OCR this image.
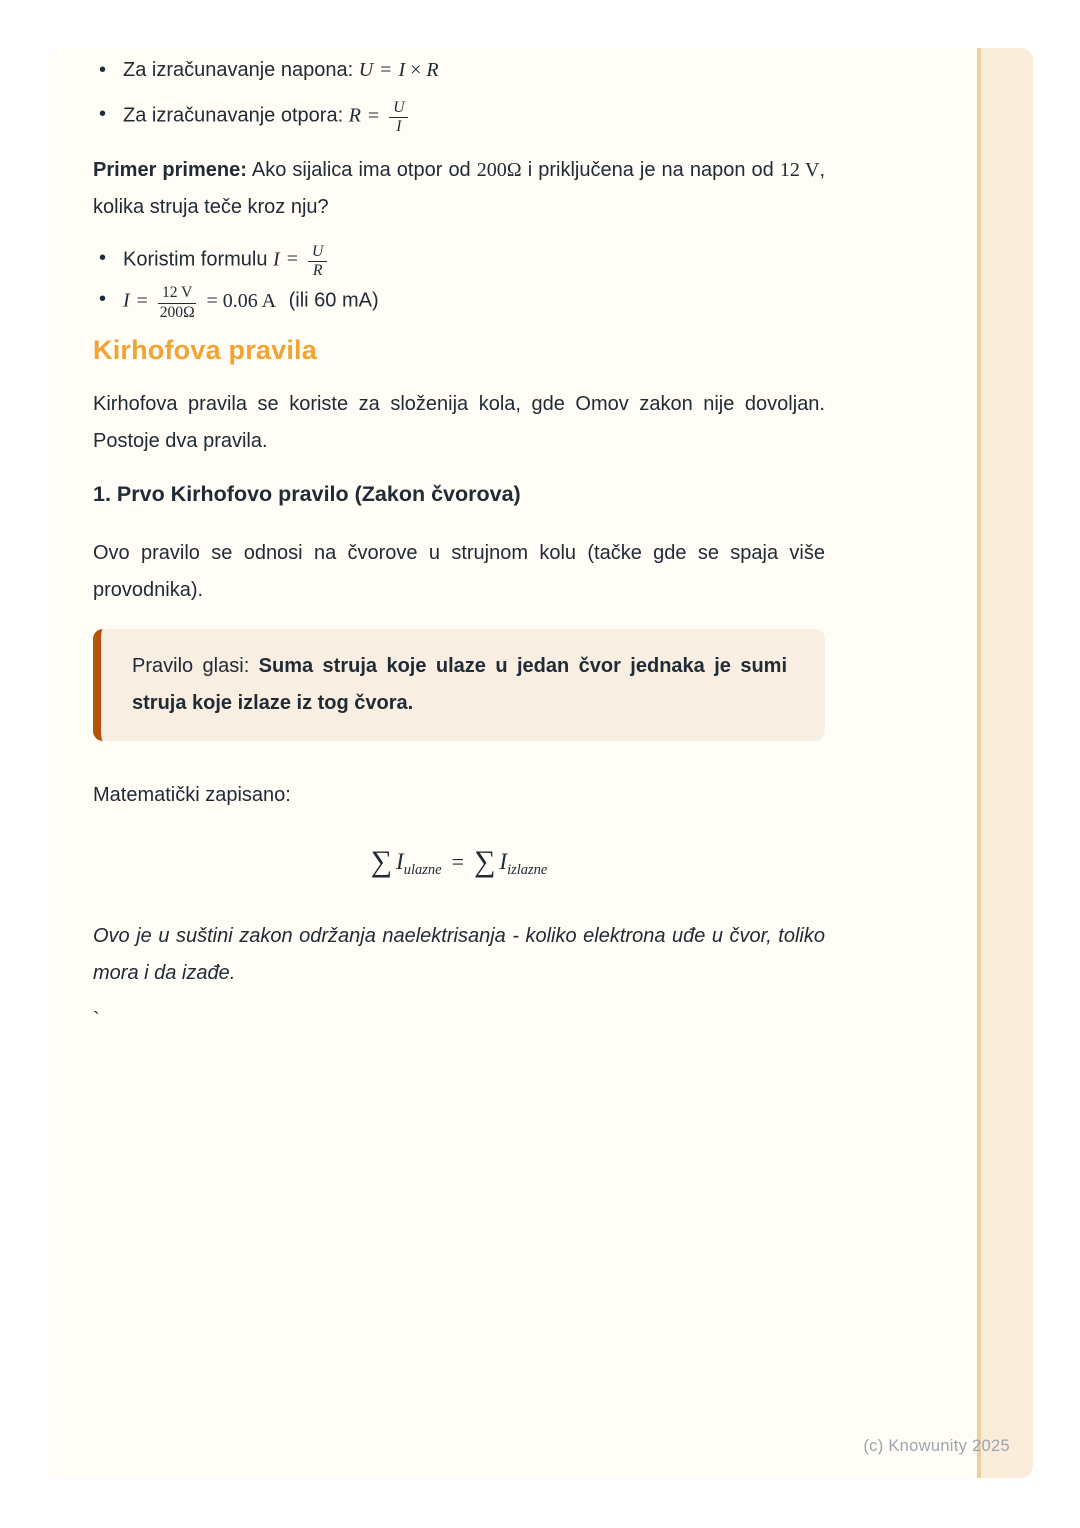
• Za izračunavanje napona: U = I × R
• Za izračunavanje otpora: $R = \frac{U}{I}$

Primer primene: Ako sijalica ima otpor od 200Ω i priključena je na napon od 12 V, kolika struja teče kroz nju?

• Koristim formulu $I = \frac{U}{R}$
• $I = \frac{12 V}{200\Omega} = 0.06$ A (ili 60 mA)
Kirhofova pravila

Kirhofova pravila se koriste za složenija kola, gde Omov zakon nije dovoljan. Postoje dva pravila.

1. Prvo Kirhofovo pravilo (Zakon čvorova)

Ovo pravilo se odnosi na čvorove u strujnom kolu (tačke gde se spaja više provodnika).

Pravilo glasi: Suma struja koje ulaze u jedan čvor jednaka je sumi struja koje izlaze iz tog čvora.

Matematički zapisano:

∑ $I_{ulazne}$ = ∑ $I_{izlazne}$

Ovo je u suštini zakon održanja naelektrisanja - koliko elektrona uđe u čvor, toliko mora i da izađe.

`

(c) Knowunity 2025
